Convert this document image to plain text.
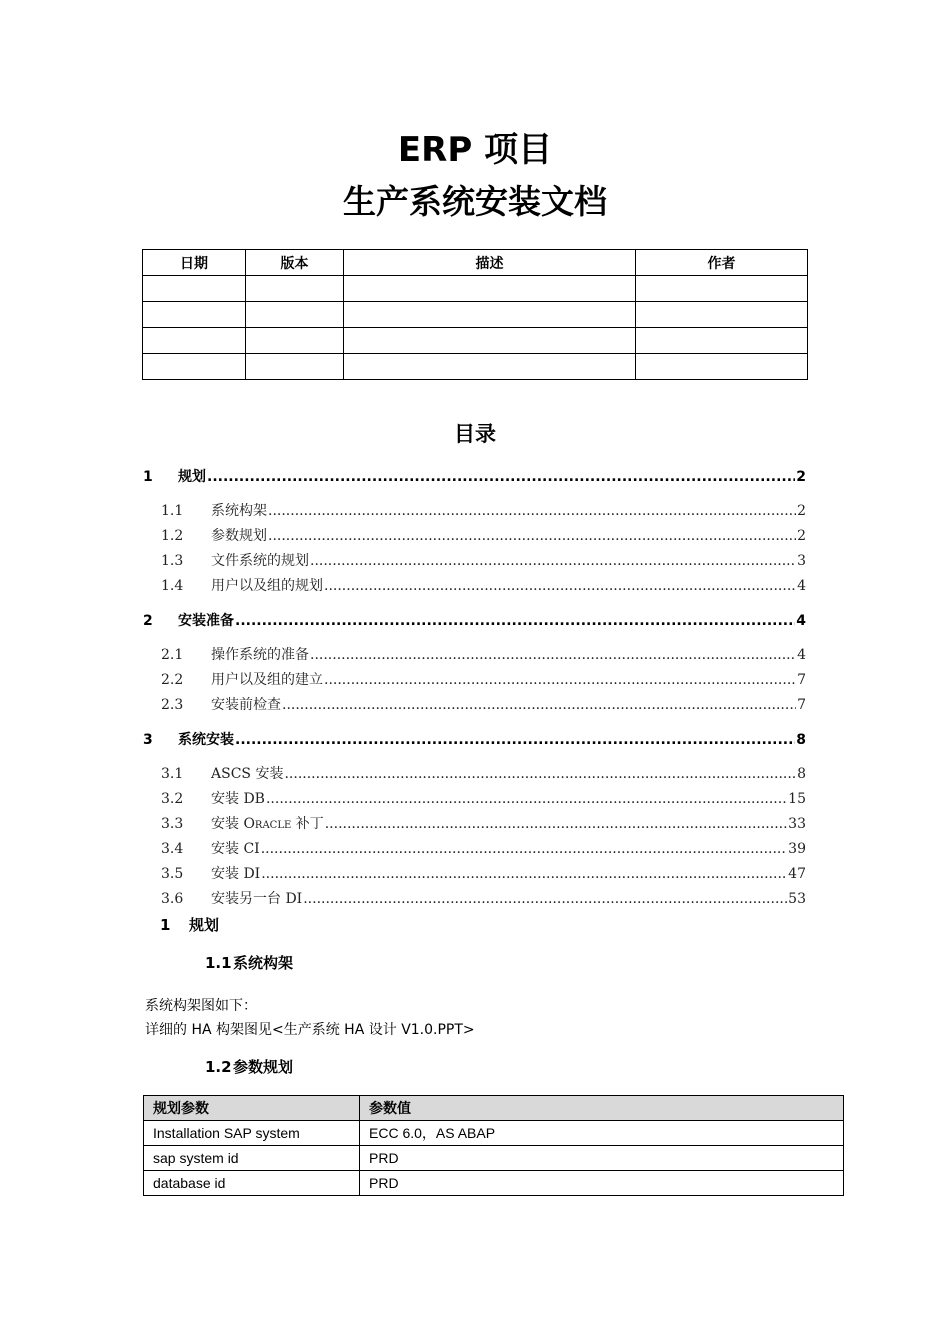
ERP 项目
生产系统安装文档
日期	版本	描述	作者

目录
1	规划 .....	2
1.1	系统构架 .....	2
1.2	参数规划 .....	2
1.3	文件系统的规划 .....	3
1.4	用户以及组的规划 .....	4
2	安装准备 .....	4
2.1	操作系统的准备 .....	4
2.2	用户以及组的建立 .....	7
2.3	安装前检查 .....	7
3	系统安装 .....	8
3.1	ASCS 安装 .....	8
3.2	安装 DB .....	15
3.3	安装 Oracle 补丁 .....	33
3.4	安装 CI .....	39
3.5	安装 DI .....	47
3.6	安装另一台 DI .....	53
1 规划
1.1系统构架
系统构架图如下：
详细的 HA 构架图见<生产系统 HA 设计 V1.0.PPT>
1.2参数规划
规划参数	参数值
Installation SAP system	ECC 6.0，AS ABAP
sap system id	PRD
database id	PRD
